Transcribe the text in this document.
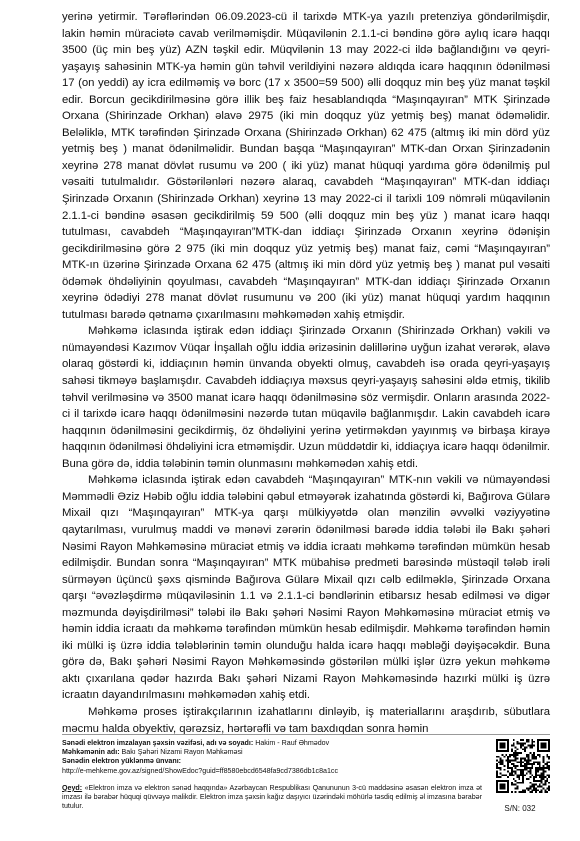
yerinə yetirmir. Tərəflərindən 06.09.2023-cü il tarixdə MTK-ya yazılı pretenziya göndərilmişdir, lakin həmin müraciətə cavab verilməmişdir. Müqavilənin 2.1.1-ci bəndinə görə aylıq icarə haqqı 3500 (üç min beş yüz) AZN təşkil edir. Müqvilənin 13 may 2022-ci ildə bağlandığını və qeyri-yaşayış sahəsinin MTK-ya həmin gün təhvil verildiyini nəzərə aldıqda icarə haqqının ödənilməsi 17 (on yeddi) ay icra edilməmiş və borc (17 x 3500=59 500) əlli doqquz min beş yüz manat təşkil edir. Borcun gecikdirilməsinə görə illik beş faiz hesablandıqda “Maşınqayıran” MTK Şirinzadə Orxana (Shirinzade Orkhan) əlavə 2975 (iki min doqquz yüz yetmiş beş) manat ödəməlidir. Beləliklə, MTK tərəfindən Şirinzadə Orxana (Shirinzadə Orkhan) 62 475 (altmış iki min dörd yüz yetmiş beş ) manat ödənilməlidir. Bundan başqa “Maşınqayıran” MTK-dan Orxan Şirinzadənin xeyrinə 278 manat dövlət rusumu və 200 ( iki yüz) manat hüquqi yardıma görə ödənilmiş pul vəsaiti tutulmalıdır. Göstərilənləri nəzərə alaraq, cavabdeh “Maşınqayıran” MTK-dan iddiaçı Şirinzadə Orxanın (Shirinzadə Orkhan) xeyrinə 13 may 2022-ci il tarixli 109 nömrəli müqavilənin 2.1.1-ci bəndinə əsasən gecikdirilmiş 59 500 (əlli doqquz min beş yüz ) manat icarə haqqı tutulması, cavabdeh “Maşınqayıran”MTK-dan iddiaçı Şirinzadə Orxanın xeyrinə ödənişin gecikdirilməsinə görə 2 975 (iki min doqquz yüz yetmiş beş) manat faiz, cəmi “Maşınqayıran” MTK-ın üzərinə Şirinzadə Orxana 62 475 (altmış iki min dörd yüz yetmiş beş ) manat pul vəsaiti ödəmək öhdəliyinin qoyulması, cavabdeh “Maşınqayıran” MTK-dan iddiaçı Şirinzadə Orxanın xeyrinə ödədiyi 278 manat dövlət rusumunu və 200 (iki yüz) manat hüquqi yardım haqqının tutulması barədə qətnamə çıxarılmasını məhkəmədən xahiş etmişdir.

Məhkəmə iclasında iştirak edən iddiaçı Şirinzadə Orxanın (Shirinzadə Orkhan) vəkili və nümayəndəsi Kazımov Vüqar İnşallah oğlu iddia ərizəsinin dəlillərinə uyğun izahat verərək, əlavə olaraq göstərdi ki, iddiaçının həmin ünvanda obyekti olmuş, cavabdeh isə orada qeyri-yaşayış sahəsi tikməyə başlamışdır. Cavabdeh iddiaçıya məxsus qeyri-yaşayış sahəsini əldə etmiş, tikilib təhvil verilməsinə və 3500 manat icarə haqqı ödənilməsinə söz vermişdir. Onların arasında 2022-ci il tarixdə icarə haqqı ödənilməsini nəzərdə tutan müqavilə bağlanmışdır. Lakin cavabdeh icarə haqqının ödənilməsini gecikdirmiş, öz öhdəliyini yerinə yetirməkdən yayınmış və birbaşa kirayə haqqının ödənilməsi öhdəliyini icra etməmişdir. Uzun müddətdir ki, iddiaçıya icarə haqqı ödənilmir. Buna görə də, iddia tələbinin təmin olunmasını məhkəmədən xahiş etdi.

Məhkəmə iclasında iştirak edən cavabdeh “Maşınqayıran” MTK-nın vəkili və nümayəndəsi Məmmədli Əziz Həbib oğlu iddia tələbini qəbul etməyərək izahatında göstərdi ki, Bağırova Gülarə Mixail qızı “Maşınqayıran” MTK-ya qarşı mülkiyyətdə olan mənzilin əvvəlki vəziyyətinə qaytarılması, vurulmuş maddi və mənəvi zərərin ödənilməsi barədə iddia tələbi ilə Bakı şəhəri Nəsimi Rayon Məhkəməsinə müraciət etmiş və iddia icraatı məhkəmə tərəfindən mümkün hesab edilmişdir. Bundan sonra “Maşınqayıran” MTK mübahisə predmeti barəsində müstəqil tələb irəli sürməyən üçüncü şəxs qismində Bağırova Gülarə Mixail qızı cəlb edilməklə, Şirinzadə Orxana qarşı “əvəzləşdirmə müqaviləsinin 1.1 və 2.1.1-ci bəndlərinin etibarsız hesab edilməsi və digər məzmunda dəyişdirilməsi” tələbi ilə Bakı şəhəri Nəsimi Rayon Məhkəməsinə müraciət etmiş və həmin iddia icraatı da məhkəmə tərəfindən mümkün hesab edilmişdir. Məhkəmə tərəfindən həmin iki mülki iş üzrə iddia tələblərinin təmin olunduğu halda icarə haqqı məbləği dəyişəcəkdir. Buna görə də, Bakı şəhəri Nəsimi Rayon Məhkəməsində göstərilən mülki işlər üzrə yekun məhkəmə aktı çıxarılana qədər hazırda Bakı şəhəri Nizami Rayon Məhkəməsində hazırki mülki iş üzrə icraatın dayandırılmasını məhkəmədən xahiş etdi.

Məhkəmə proses iştirakçılarının izahatlarını dinləyib, iş materiallarını araşdırıb, sübutlara məcmu halda obyektiv, qərəzsiz, hərtərəfli və tam baxdıqdan sonra həmin

Sənədi elektron imzalayan şəxsin vəzifəsi, adı və soyadı: Hakim - Rauf Əhmədov
Məhkəmənin adı: Bakı Şəhəri Nizami Rayon Məhkəməsi
Sənədin elektron yüklənmə ünvanı:
http://e-mehkeme.gov.az/signed/ShowEdoc?guid=ff8580ebcd6548fa9cd7386db1c8a1cc
Qeyd: «Elektron imza və elektron sənəd haqqında» Azərbaycan Respublikası Qanununun 3-cü maddəsinə əsasən elektron imza ət imzası ilə bərabər hüquqi qüvvəyə malikdir. Elektron imza şəxsin kağız daşıyıcı üzərindəki möhürlə təsdiq edilmiş əl imzasına bərabər tutulur.	S/N: 032
